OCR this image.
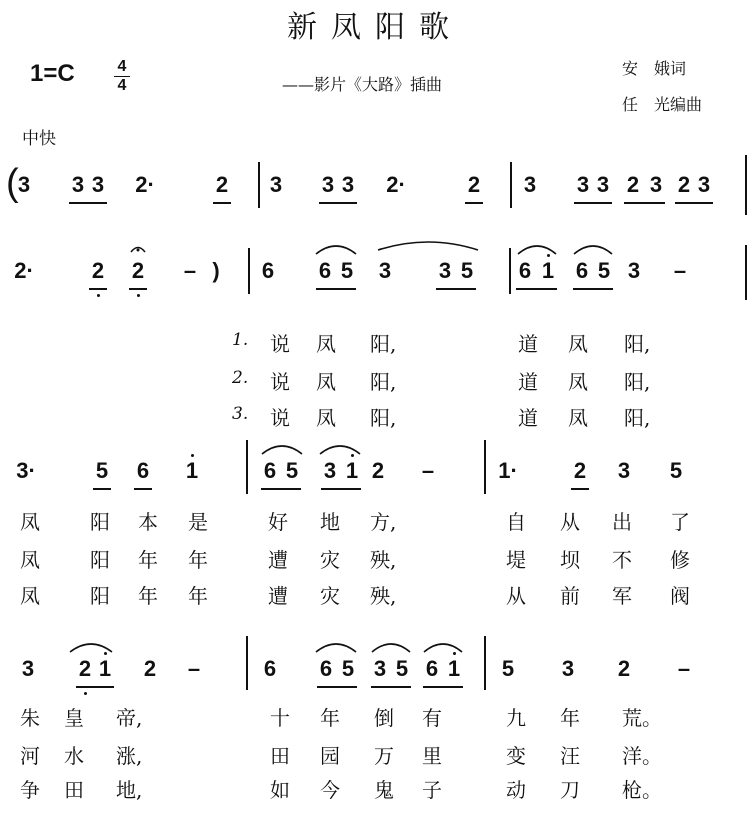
新凤阳歌
1=C	4
4	——影片《大路》插曲
安　娥词
任　光编曲
中快
( 3 3 3 2·	2 3 3 3 2·	2 3 3 3 2 3 2 3
2·	2 2 – ) 6 6 5 3 3 5 6 1 6 5 3 –
3·	5 6 1	6 5 3 1 2 –	1·	2 3 5
3 2 1 2 –	6 6 5 3 5 6 1 5 3 2 –
1.
2.
3.
说 凤 阳,	道 凤 阳,
说 凤 阳,	道 凤 阳,
说 凤 阳,	道 凤 阳,
凤	阳 本 是	好 地 方,	自 从 出 了
凤	阳 年 年	遭 灾 殃,	堤 坝 不 修
凤	阳 年 年	遭 灾 殃,	从 前 军 阀
朱 皇 帝,	十 年 倒 有	九 年 荒。
河 水 涨,	田 园 万 里	变 汪 洋。
争 田 地,	如 今 鬼 子	动 刀 枪。
